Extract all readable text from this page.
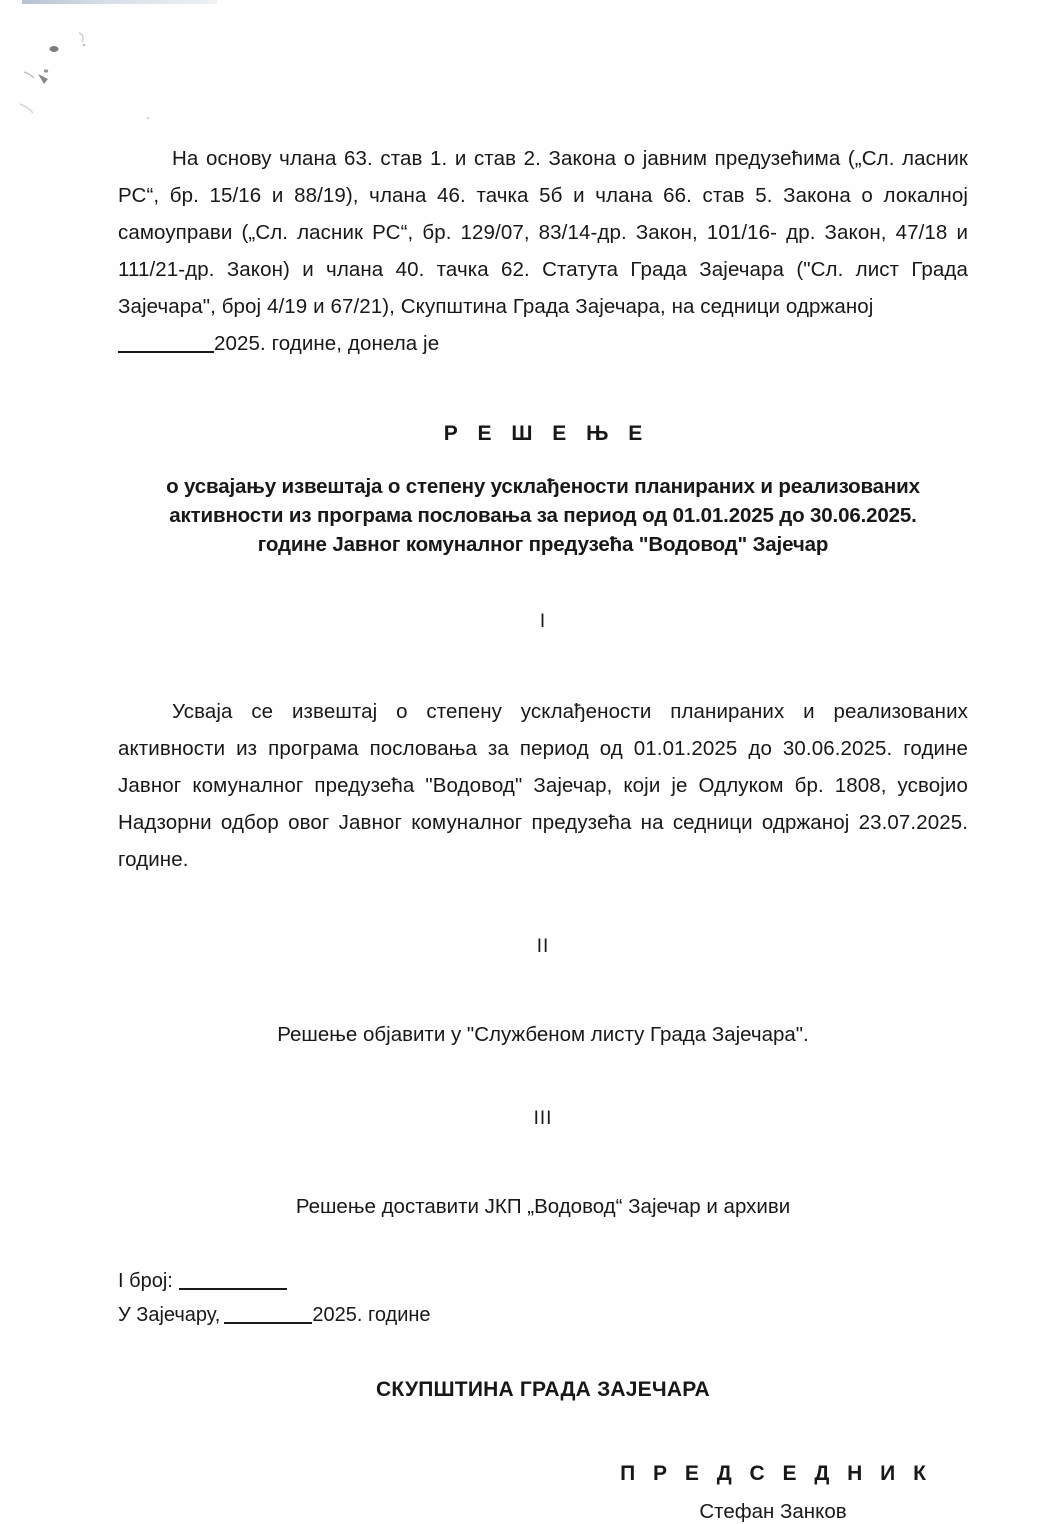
На основу члана 63. став 1. и став 2. Закона о јавним предузећима („Сл. ласник РС“, бр. 15/16 и 88/19), члана 46. тачка 5б и члана 66. став 5. Закона о локалној самоуправи („Сл. ласник РС“, бр. 129/07, 83/14-др. Закон, 101/16- др. Закон, 47/18 и 111/21-др. Закон) и члана 40. тачка 62. Статута Града Зајечара ("Сл. лист Града Зајечара", број 4/19 и 67/21), Скупштина Града Зајечара, на седници одржаној
2025. године, донела је
Р Е Ш Е Њ Е
о усвајању извештаја о степену усклађености планираних и реализованих
активности из програма пословања за период од 01.01.2025 до 30.06.2025.
године Јавног комуналног предузећа "Водовод" Зајечар
I
Усваја се извештај о степену усклађености планираних и реализованих активности из програма пословања за период од 01.01.2025 до 30.06.2025. године Јавног комуналног предузећа "Водовод" Зајечар, који је Одлуком бр. 1808, усвојио Надзорни одбор овог Јавног комуналног предузећа на седници одржаној 23.07.2025. године.
II
Решење објавити у "Службеном листу Града Зајечара".
III
Решење доставити ЈКП „Водовод“ Зајечар и архиви
I број:
У Зајечару,	2025. године
СКУПШТИНА ГРАДА ЗАЈЕЧАРА
П Р Е Д С Е Д Н И К
Стефан Занков
